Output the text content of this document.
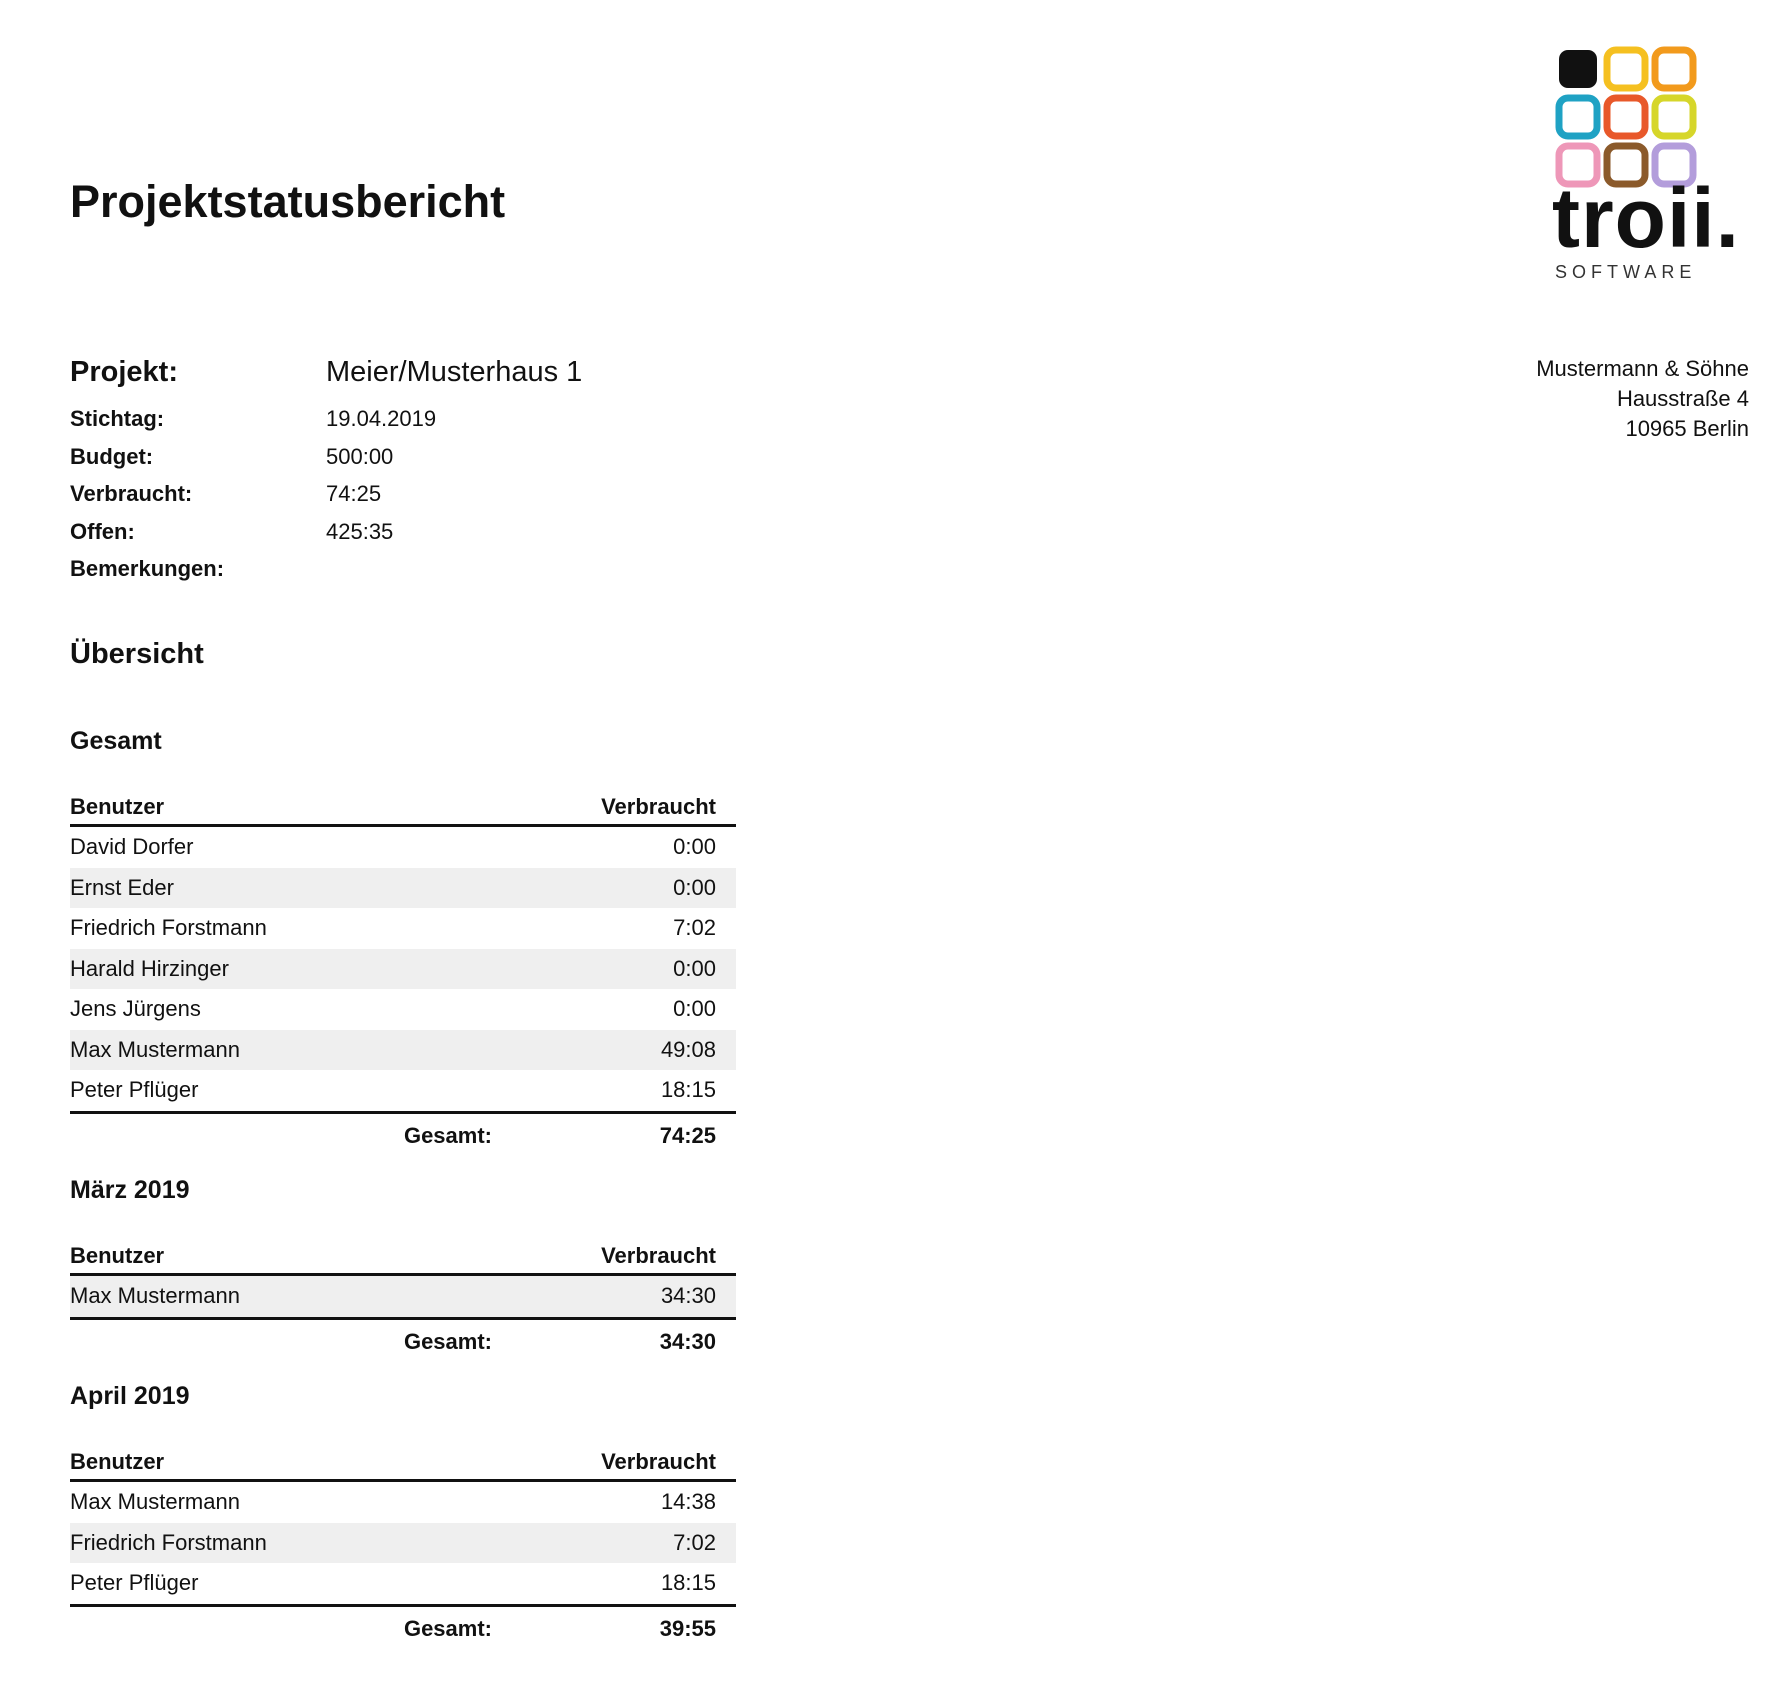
Projektstatusbericht	troii.
SOFTWARE
Mustermann & Söhne
Hausstraße 4
10965 Berlin
Projekt:	Meier/Musterhaus 1
Stichtag:	19.04.2019
Budget:	500:00
Verbraucht:	74:25
Offen:	425:35
Bemerkungen:
Übersicht
Gesamt
Benutzer	Verbraucht
David Dorfer	0:00
Ernst Eder	0:00
Friedrich Forstmann	7:02
Harald Hirzinger	0:00
Jens Jürgens	0:00
Max Mustermann	49:08
Peter Pflüger	18:15
Gesamt:	74:25
März 2019
Benutzer	Verbraucht
Max Mustermann	34:30
Gesamt:	34:30
April 2019
Benutzer	Verbraucht
Max Mustermann	14:38
Friedrich Forstmann	7:02
Peter Pflüger	18:15
Gesamt:	39:55
